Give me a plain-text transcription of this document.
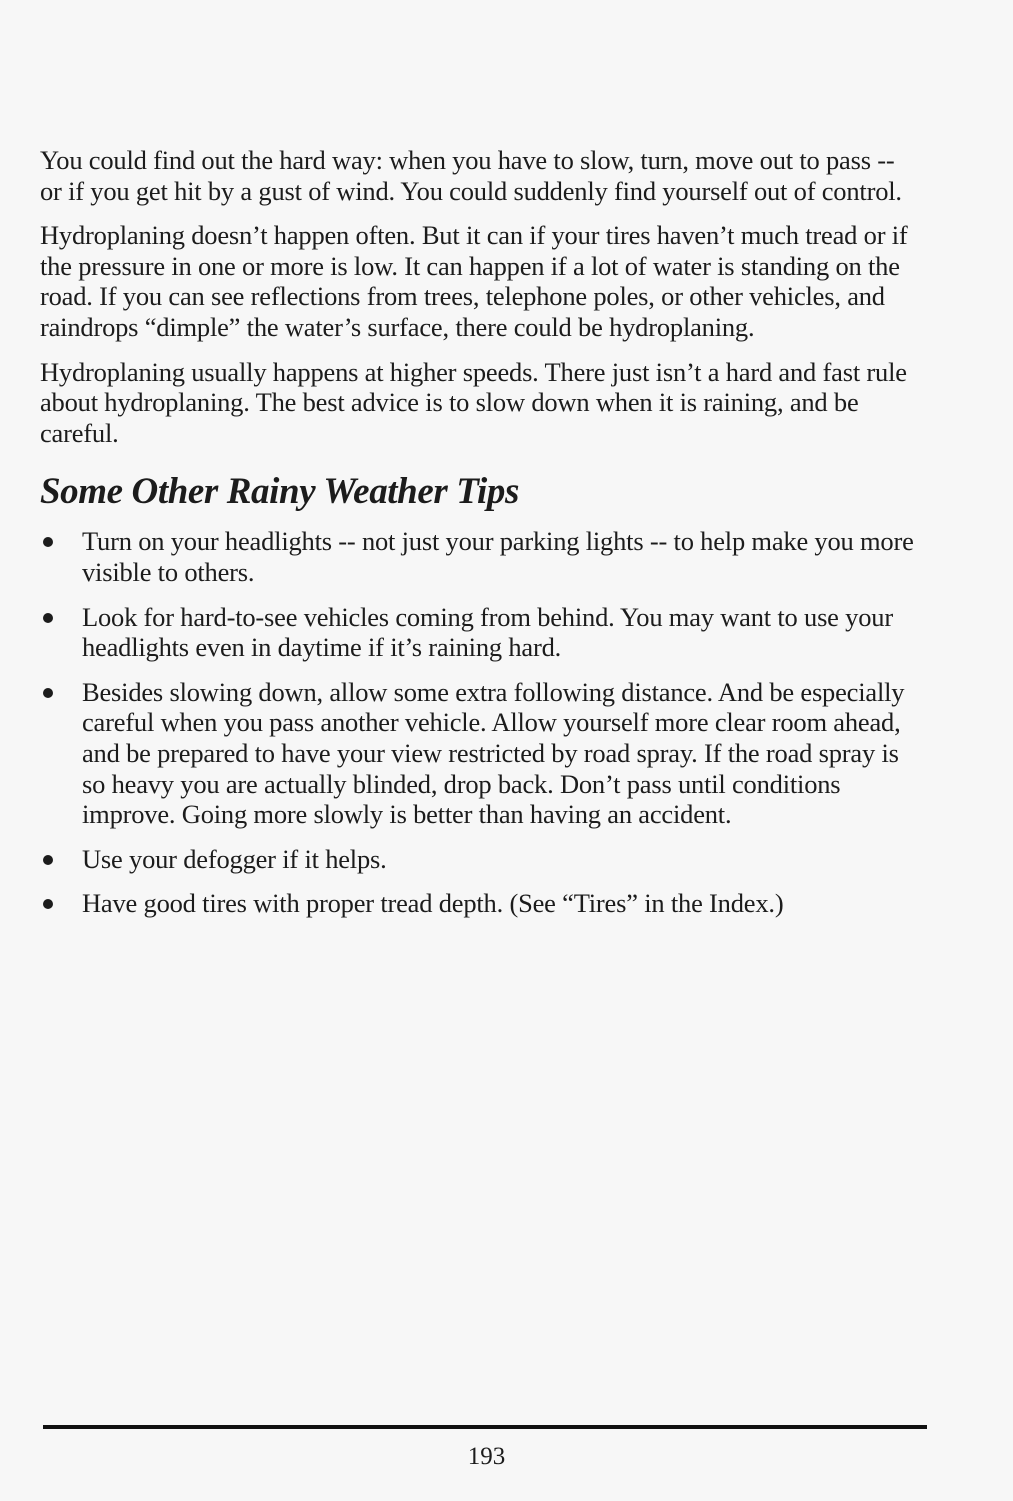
You could find out the hard way: when you have to slow, turn, move out to pass -- or if you get hit by a gust of wind. You could suddenly find yourself out of control.

Hydroplaning doesn’t happen often. But it can if your tires haven’t much tread or if the pressure in one or more is low. It can happen if a lot of water is standing on the road. If you can see reflections from trees, telephone poles, or other vehicles, and raindrops “dimple” the water’s surface, there could be hydroplaning.

Hydroplaning usually happens at higher speeds. There just isn’t a hard and fast rule about hydroplaning. The best advice is to slow down when it is raining, and be careful.

Some Other Rainy Weather Tips
Turn on your headlights -- not just your parking lights -- to help make you more visible to others.
Look for hard-to-see vehicles coming from behind. You may want to use your headlights even in daytime if it’s raining hard.
Besides slowing down, allow some extra following distance. And be especially careful when you pass another vehicle. Allow yourself more clear room ahead, and be prepared to have your view restricted by road spray. If the road spray is so heavy you are actually blinded, drop back. Don’t pass until conditions improve. Going more slowly is better than having an accident.
Use your defogger if it helps.
Have good tires with proper tread depth. (See “Tires” in the Index.)
193
